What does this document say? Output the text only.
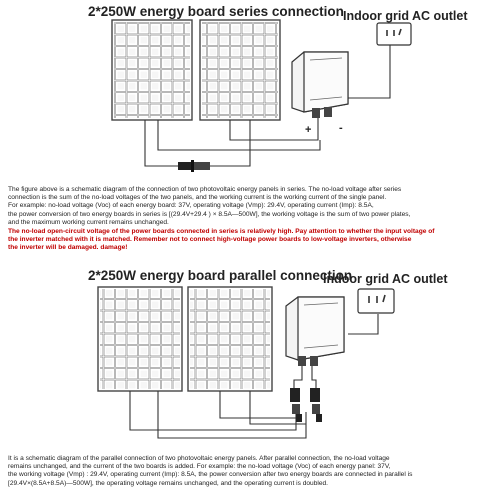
2*250W energy board series connection Indoor grid AC outlet
+	-

The figure above is a schematic diagram of the connection of two photovoltaic energy panels in series. The no-load voltage after series

connection is the sum of the no-load voltages of the two panels, and the working current is the working current of the single panel.

For example: no-load voltage (Voc) of each energy board: 37V, operating voltage (Vmp): 29.4V, operating current (Imp): 8.5A,

the power conversion of two energy boards in series is [(29.4V+29.4 ) × 8.5A—500W], the working voltage is the sum of two power plates,

and the maximum working current remains unchanged.

The no-load open-circuit voltage of the power boards connected in series is relatively high. Pay attention to whether the input voltage of

the inverter matched with it is matched. Remember not to connect high-voltage power boards to low-voltage inverters, otherwise

the inverter will be damaged. damage!

2*250W energy board parallel connection
Indoor grid AC outlet

It is a schematic diagram of the parallel connection of two photovoltaic energy panels. After parallel connection, the no-load voltage

remains unchanged, and the current of the two boards is added. For example: the no-load voltage (Voc) of each energy panel: 37V,

the working voltage (Vmp) : 29.4V, operating current (Imp): 8.5A, the power conversion after two energy boards are connected in parallel is

[29.4V×(8.5A+8.5A)—500W], the operating voltage remains unchanged, and the operating current is doubled.
